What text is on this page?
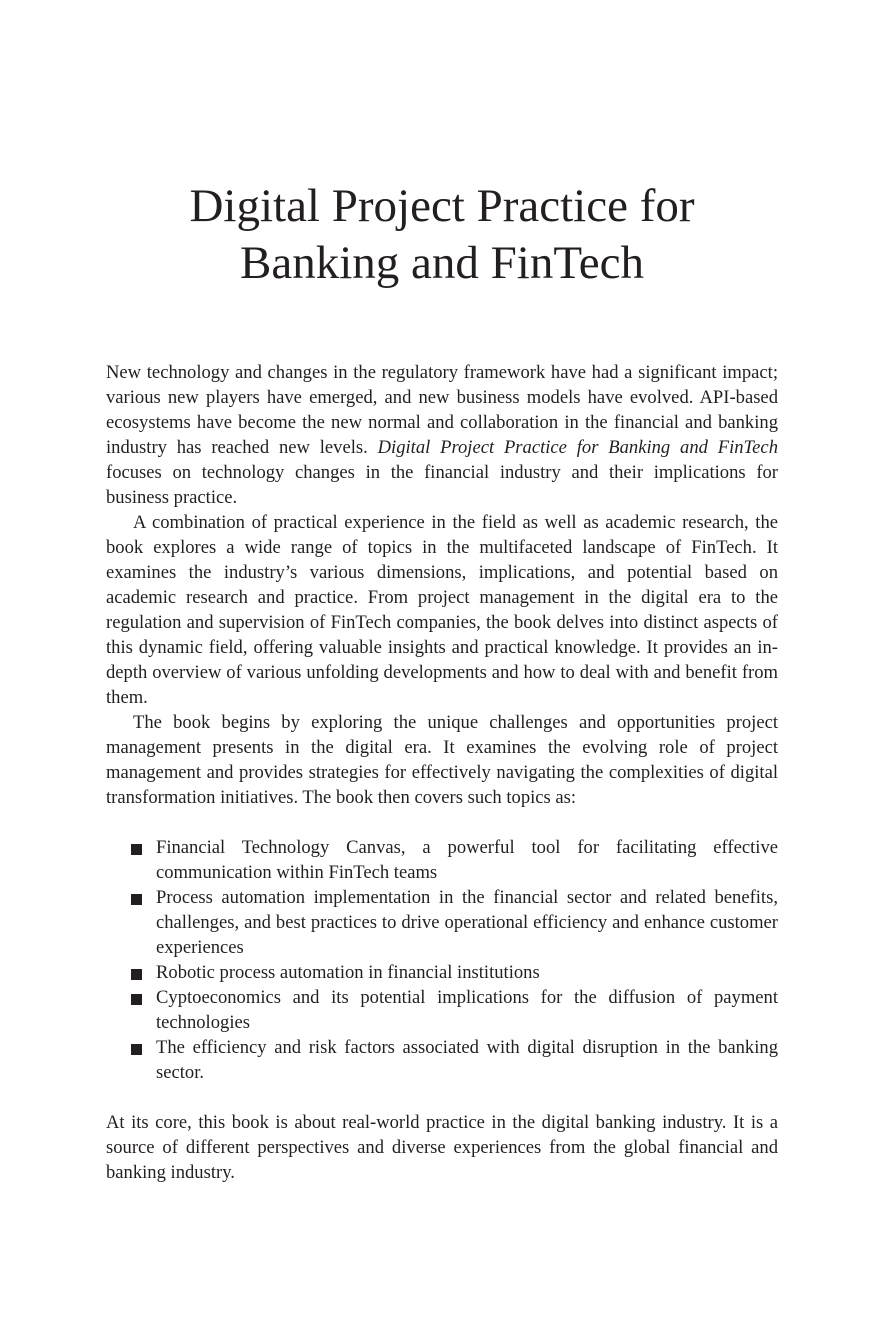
Digital Project Practice for
Banking and FinTech

New technology and changes in the regulatory framework have had a significant impact; various new players have emerged, and new business models have evolved. API-based ecosystems have become the new normal and collaboration in the financial and banking industry has reached new levels. Digital Project Practice for Banking and FinTech focuses on technology changes in the financial industry and their implications for business practice.

A combination of practical experience in the field as well as academic research, the book explores a wide range of topics in the multifaceted landscape of FinTech. It examines the industry’s various dimensions, implications, and potential based on academic research and practice. From project management in the digital era to the regulation and supervision of FinTech companies, the book delves into distinct aspects of this dynamic field, offering valuable insights and practical knowledge. It provides an in-depth overview of various unfolding developments and how to deal with and benefit from them.

The book begins by exploring the unique challenges and opportunities project management presents in the digital era. It examines the evolving role of project management and provides strategies for effectively navigating the complexities of digital transformation initiatives. The book then covers such topics as:

Financial Technology Canvas, a powerful tool for facilitating effective communication within FinTech teams
Process automation implementation in the financial sector and related benefits, challenges, and best practices to drive operational efficiency and enhance customer experiences
Robotic process automation in financial institutions
Cyptoeconomics and its potential implications for the diffusion of payment technologies
The efficiency and risk factors associated with digital disruption in the banking sector.

At its core, this book is about real-world practice in the digital banking industry. It is a source of different perspectives and diverse experiences from the global financial and banking industry.
